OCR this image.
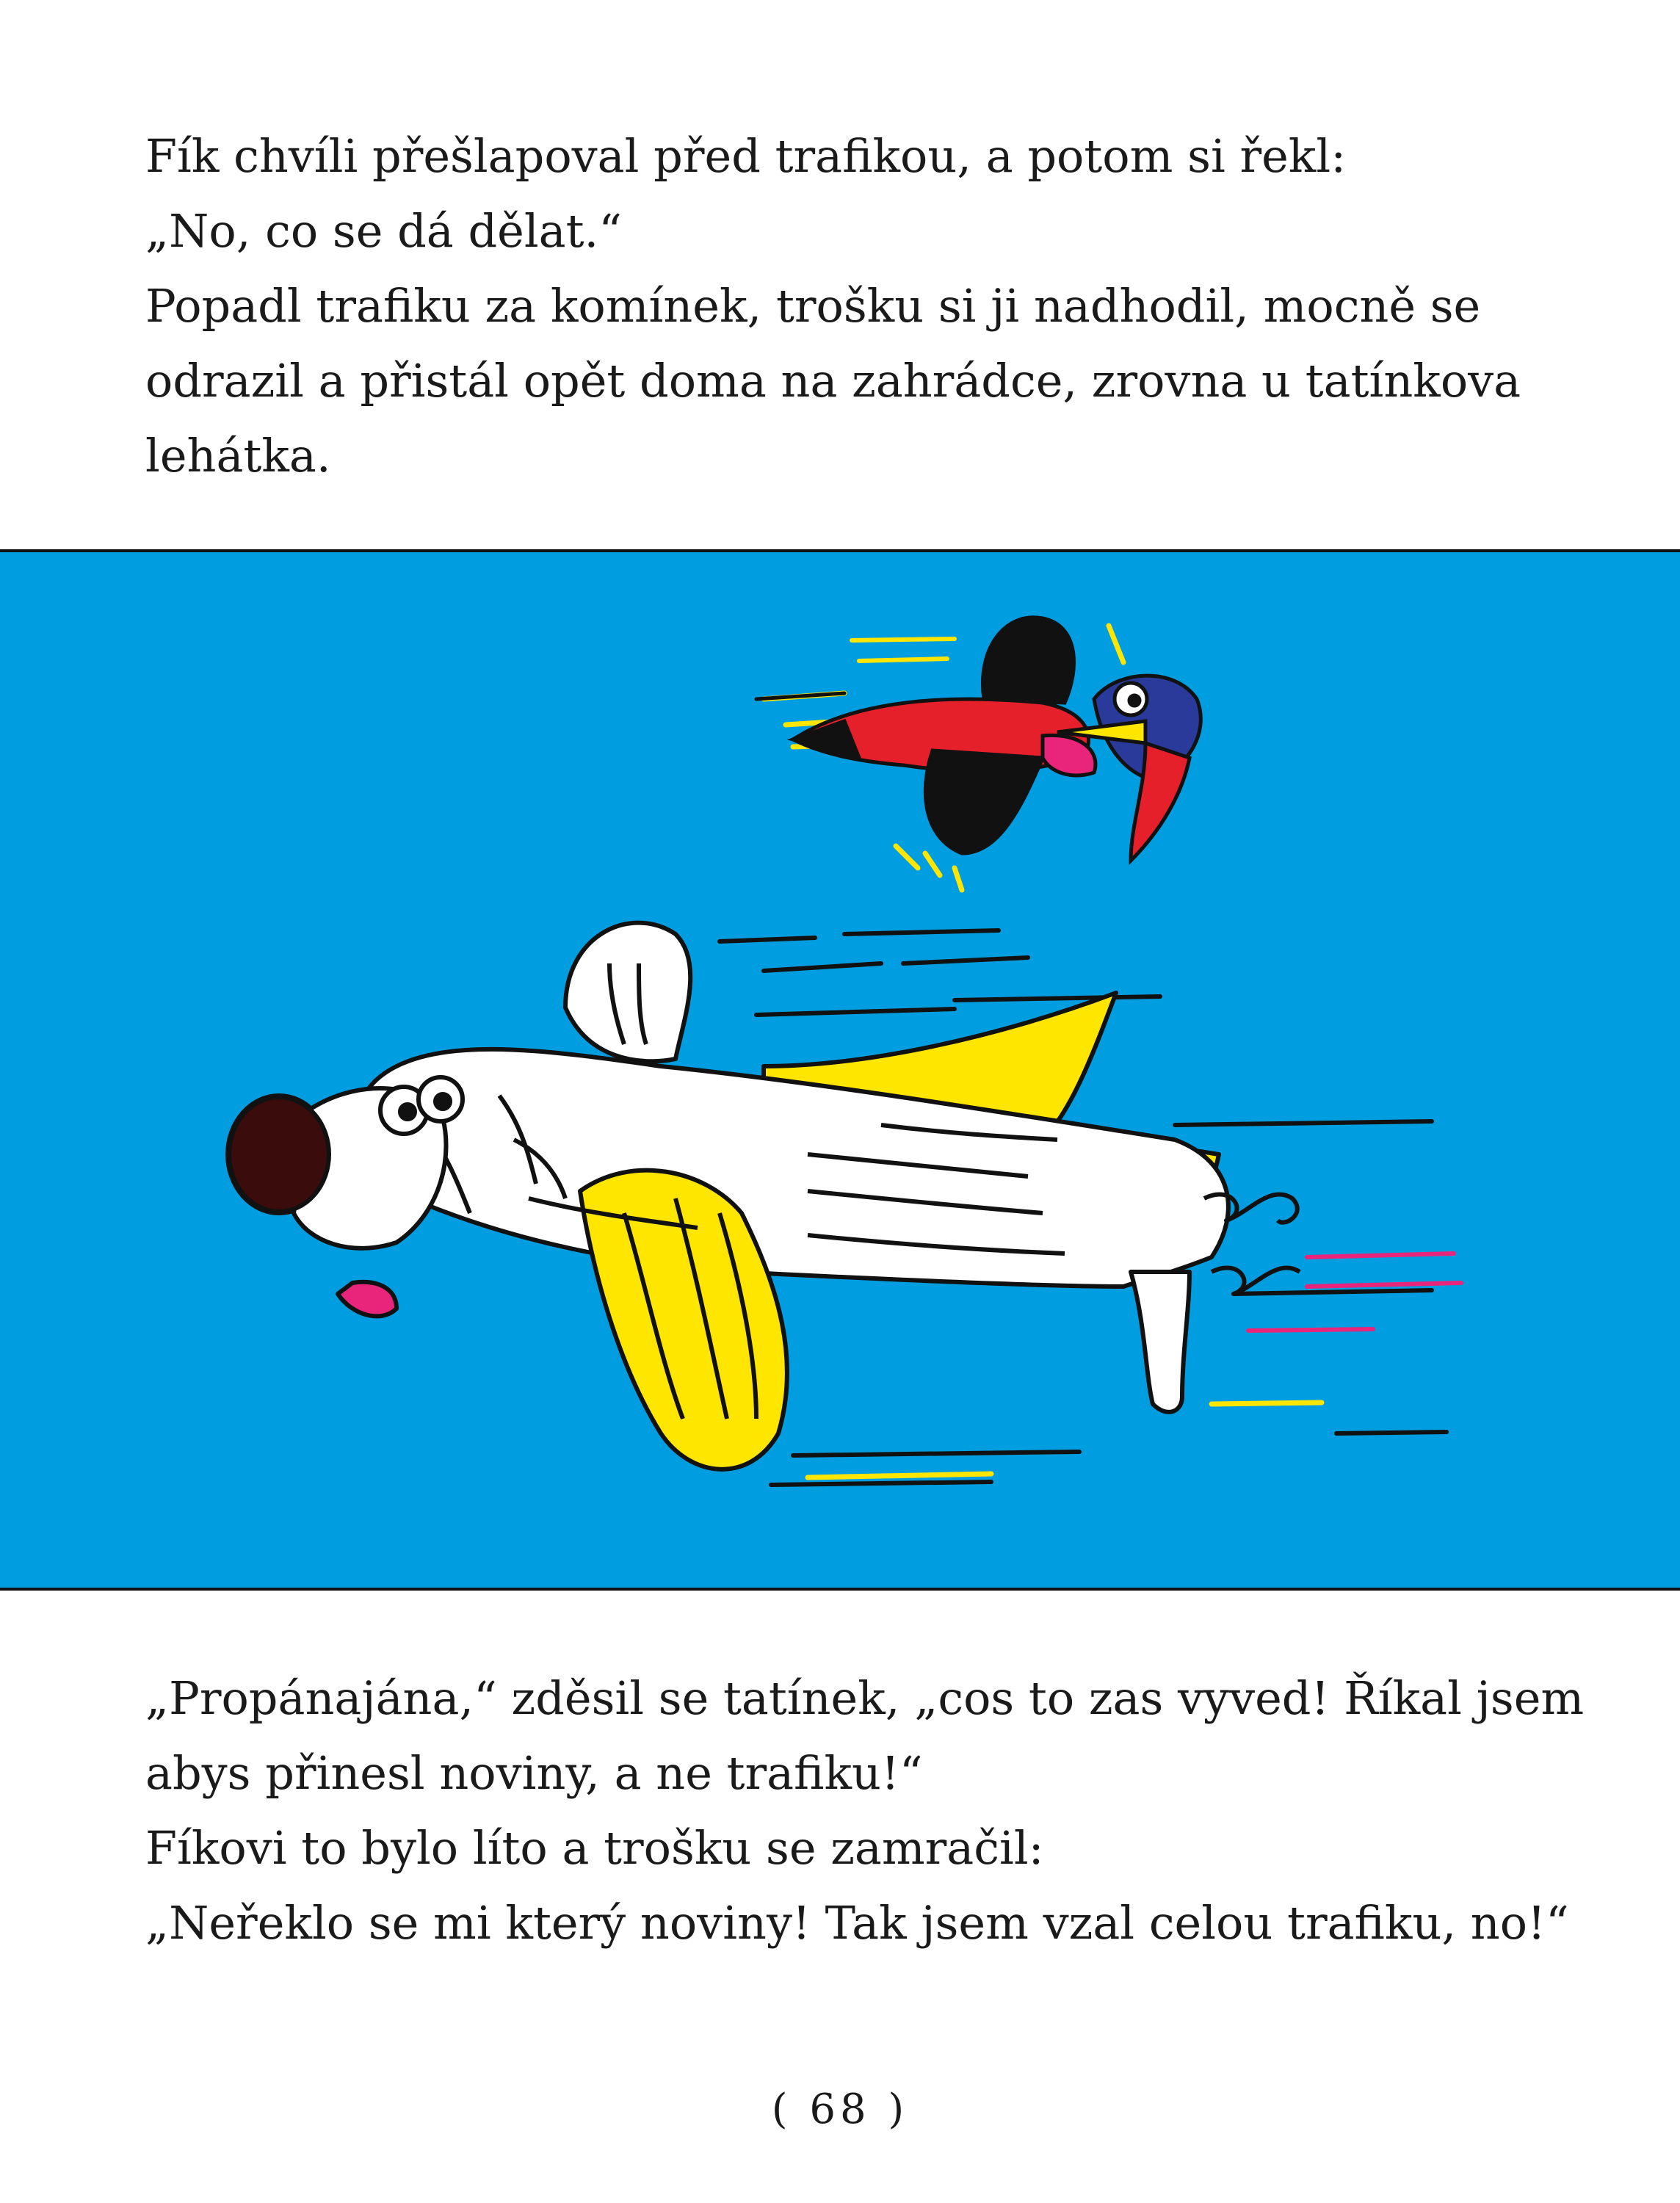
Fík chvíli přešlapoval před trafikou, a potom si řekl:

„No, co se dá dělat.“

Popadl trafiku za komínek, trošku si ji nadhodil, mocně se

odrazil a přistál opět doma na zahrádce, zrovna u tatínkova

lehátka.

„Propánajána,“ zděsil se tatínek, „cos to zas vyved! Říkal jsem

abys přinesl noviny, a ne trafiku!“

Fíkovi to bylo líto a trošku se zamračil:

„Neřeklo se mi který noviny! Tak jsem vzal celou trafiku, no!“

( 68 )
